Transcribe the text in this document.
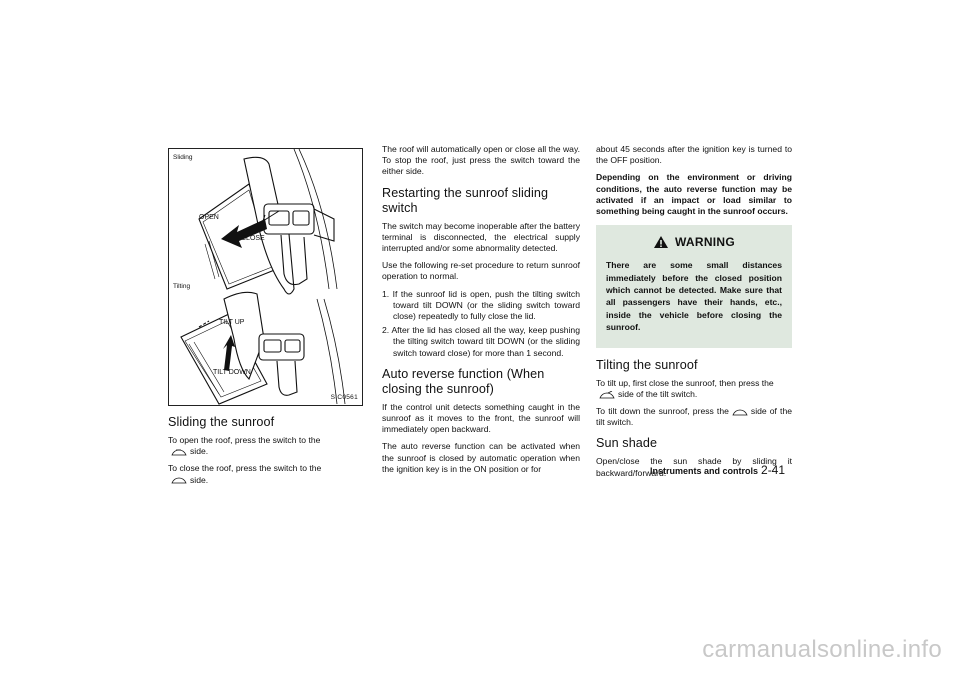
Sliding
Tilting
OPEN
CLOSE
TILT UP
TILT DOWN
SIC0561
Sliding the sunroof

To open the roof, press the switch to the
side.

To close the roof, press the switch to the
side.

The roof will automatically open or close all the way. To stop the roof, just press the switch toward the either side.

Restarting the sunroof sliding switch

The switch may become inoperable after the battery terminal is disconnected, the electrical supply interrupted and/or some abnormality detected.

Use the following re-set procedure to return sunroof operation to normal.

1. If the sunroof lid is open, push the tilting switch toward tilt DOWN (or the sliding switch toward close) repeatedly to fully close the lid.
2. After the lid has closed all the way, keep pushing the tilting switch toward tilt DOWN (or the sliding switch toward close) for more than 1 second.
Auto reverse function (When closing the sunroof)

If the control unit detects something caught in the sunroof as it moves to the front, the sunroof will immediately open backward.

The auto reverse function can be activated when the sunroof is closed by automatic operation when the ignition key is in the ON position or for

about 45 seconds after the ignition key is turned to the OFF position.

Depending on the environment or driving conditions, the auto reverse function may be activated if an impact or load similar to something being caught in the sunroof occurs.

WARNING

There are some small distances immediately before the closed position which cannot be detected. Make sure that all passengers have their hands, etc., inside the vehicle before closing the sunroof.

Tilting the sunroof

To tilt up, first close the sunroof, then press the
side of the tilt switch.

To tilt down the sunroof, press the	side of the tilt switch.

Sun shade

Open/close the sun shade by sliding it backward/forward.

Instruments and controls 2-41
carmanualsonline.info
